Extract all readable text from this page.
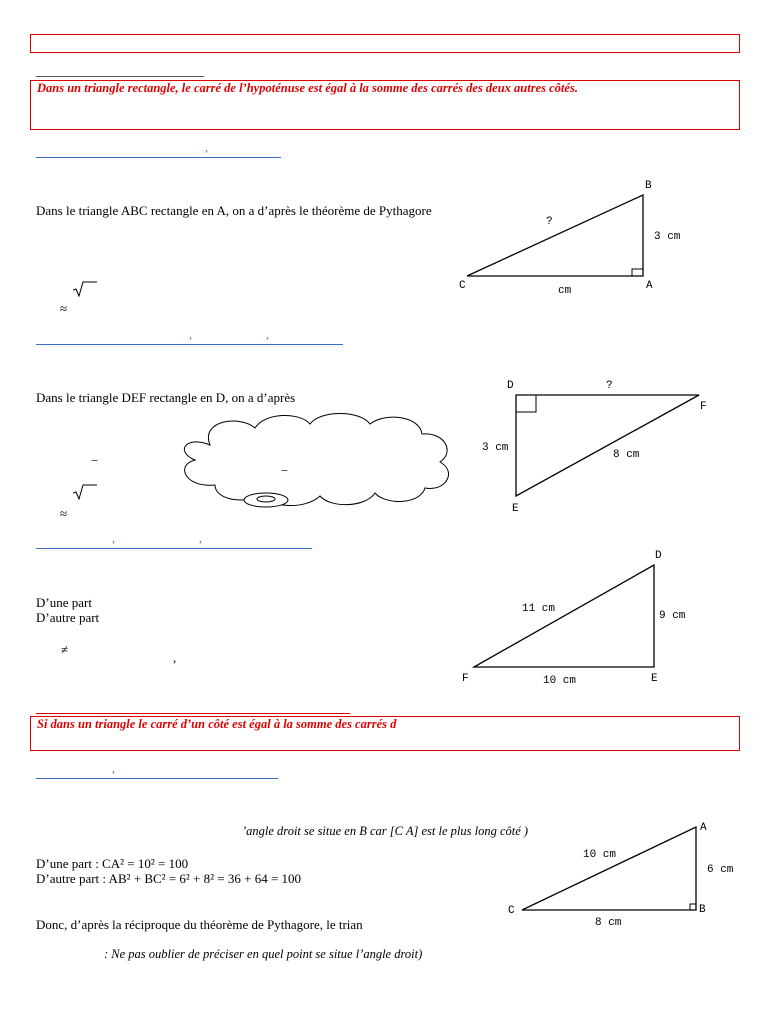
Dans un triangle rectangle, le carré de l’hypoténuse est égal à la somme des carrés des deux autres côtés.
,
Dans le triangle ABC rectangle en A, on a d’après le théorème de Pythagore
≈
,	,
B
C	A
?
3 cm
cm
Dans le triangle DEF rectangle en D, on a d’après
−
−
≈
,	,
D
F
E
?
3 cm
8 cm
D’une part
D’autre part
≠
,
D
F	E
11 cm
9 cm
10 cm
Si dans un triangle le carré d’un côté est égal à la somme des carrés d
,
’angle droit se situe en B car [C A] est le plus long côté )
D’une part : CA² = 10² = 100
D’autre part : AB² + BC² = 6² + 8² = 36 + 64 = 100
Donc, d’après la réciproque du théorème de Pythagore, le trian
: Ne pas oublier de préciser en quel point se situe l’angle droit)
A
C	B
10 cm
6 cm
8 cm
